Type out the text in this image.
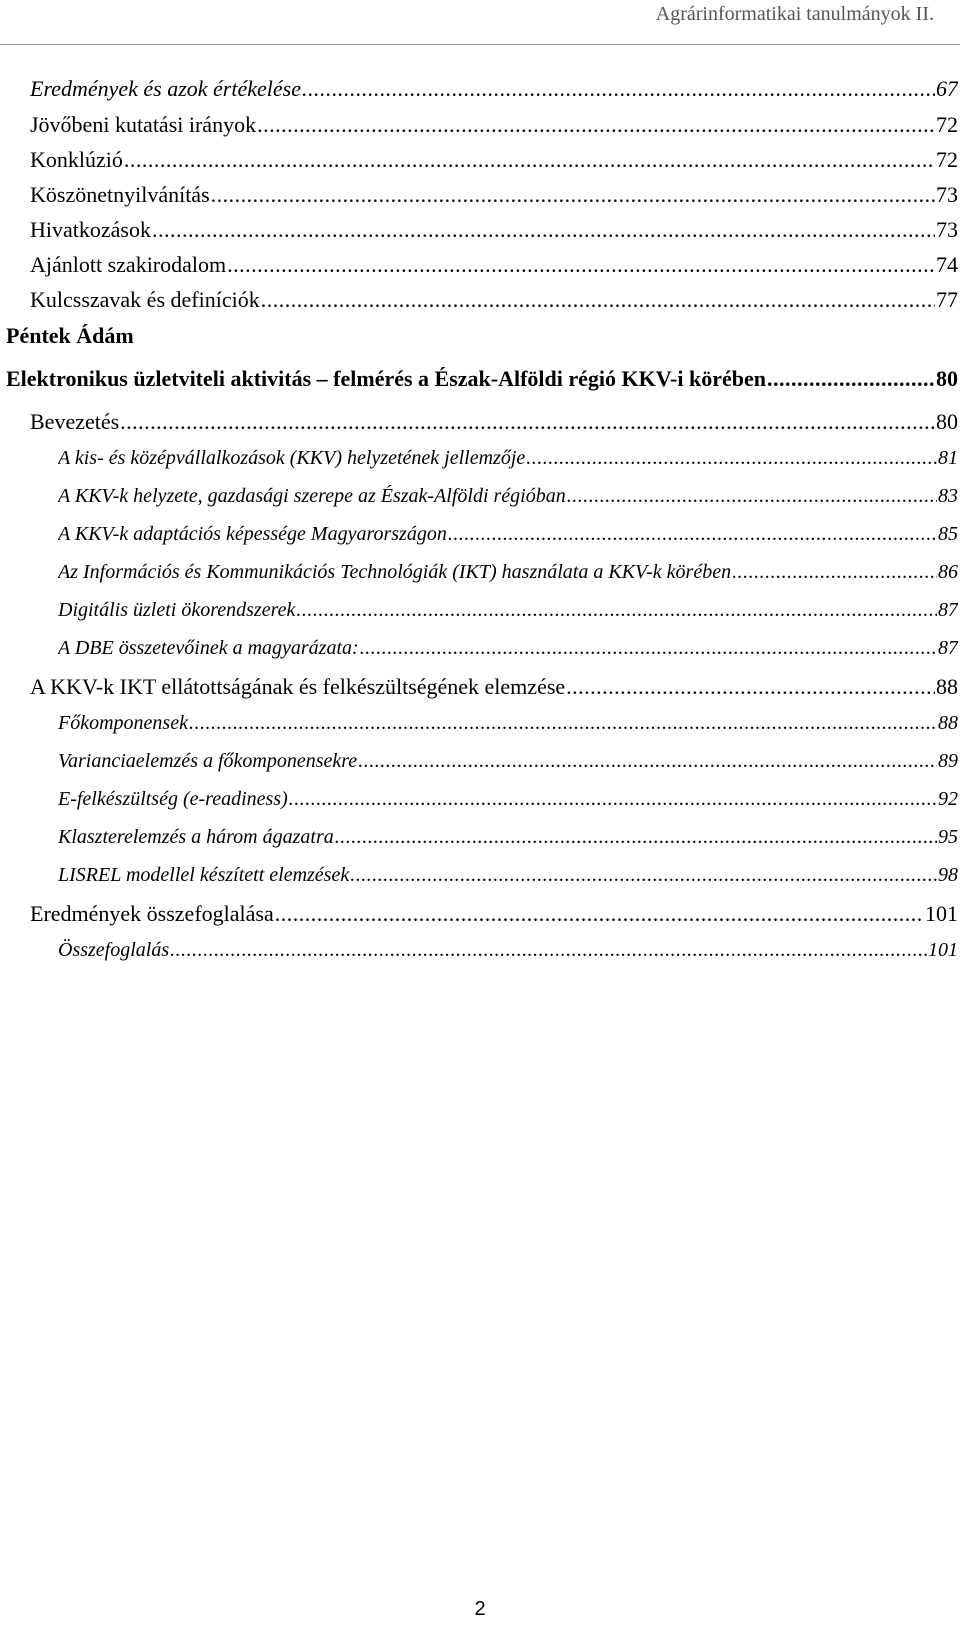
Agrárinformatikai tanulmányok II.
Eredmények és azok értékelése .....	67
Jövőbeni kutatási irányok .....	72
Konklúzió .....	72
Köszönetnyilvánítás .....	73
Hivatkozások .....	73
Ajánlott szakirodalom .....	74
Kulcsszavak és definíciók .....	77
Péntek Ádám
Elektronikus üzletviteli aktivitás – felmérés a Észak-Alföldi régió KKV-i körében .....	80
Bevezetés .....	80
A kis- és középvállalkozások (KKV) helyzetének jellemzője .....	81
A KKV-k helyzete, gazdasági szerepe az Észak-Alföldi régióban .....	83
A KKV-k adaptációs képessége Magyarországon .....	85
Az Információs és Kommunikációs Technológiák (IKT) használata a KKV-k körében .....	86
Digitális üzleti ökorendszerek .....	87
A DBE összetevőinek a magyarázata: .....	87
A KKV-k IKT ellátottságának és felkészültségének elemzése .....	88
Főkomponensek .....	88
Varianciaelemzés a főkomponensekre .....	89
E-felkészültség (e-readiness) .....	92
Klaszterelemzés a három ágazatra .....	95
LISREL modellel készített elemzések .....	98
Eredmények összefoglalása .....	101
Összefoglalás .....	101
2
